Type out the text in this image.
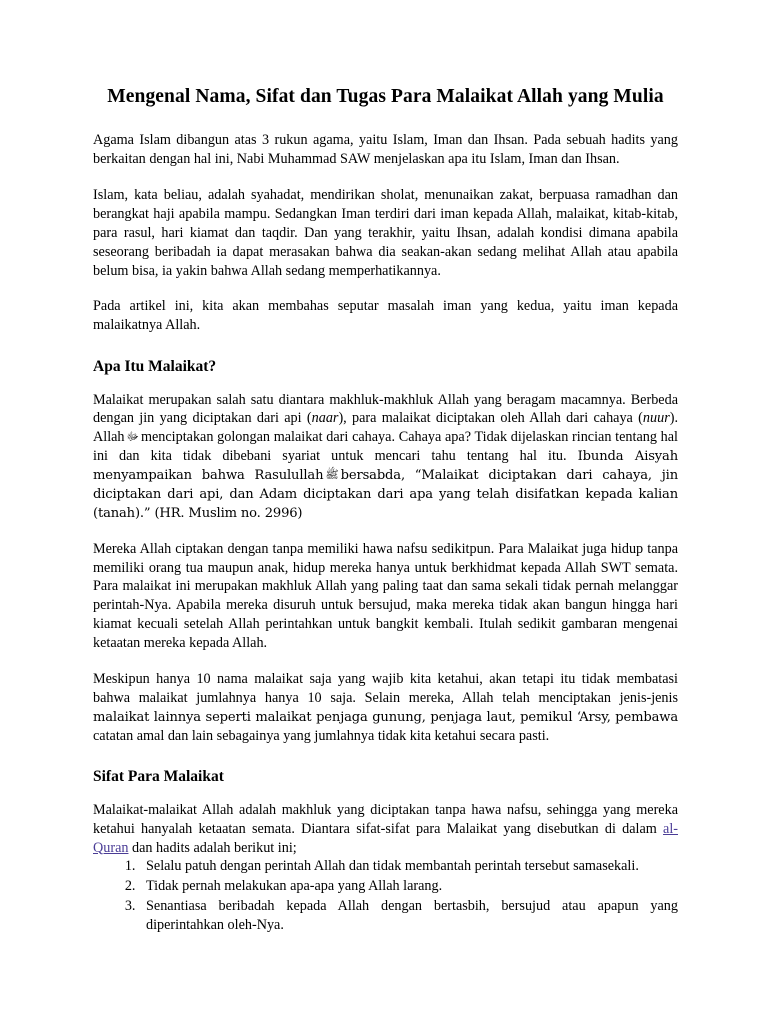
Mengenal Nama, Sifat dan Tugas Para Malaikat Allah yang Mulia

Agama Islam dibangun atas 3 rukun agama, yaitu Islam, Iman dan Ihsan. Pada sebuah hadits yang berkaitan dengan hal ini, Nabi Muhammad SAW menjelaskan apa itu Islam, Iman dan Ihsan.

Islam, kata beliau, adalah syahadat, mendirikan sholat, menunaikan zakat, berpuasa ramadhan dan berangkat haji apabila mampu. Sedangkan Iman terdiri dari iman kepada Allah, malaikat, kitab-kitab, para rasul, hari kiamat dan taqdir. Dan yang terakhir, yaitu Ihsan, adalah kondisi dimana apabila seseorang beribadah ia dapat merasakan bahwa dia seakan-akan sedang melihat Allah atau apabila belum bisa, ia yakin bahwa Allah sedang memperhatikannya.

Pada artikel ini, kita akan membahas seputar masalah iman yang kedua, yaitu iman kepada malaikatnya Allah.

Apa Itu Malaikat?

Malaikat merupakan salah satu diantara makhluk-makhluk Allah yang beragam macamnya. Berbeda dengan jin yang diciptakan dari api (naar), para malaikat diciptakan oleh Allah dari cahaya (nuur). Allah ﷻ menciptakan golongan malaikat dari cahaya. Cahaya apa? Tidak dijelaskan rincian tentang hal ini dan kita tidak dibebani syariat untuk mencari tahu tentang hal itu. Ibunda Aisyah menyampaikan bahwa Rasulullah ﷺ bersabda, “Malaikat diciptakan dari cahaya, jin diciptakan dari api, dan Adam diciptakan dari apa yang telah disifatkan kepada kalian (tanah).” (HR. Muslim no. 2996)

Mereka Allah ciptakan dengan tanpa memiliki hawa nafsu sedikitpun. Para Malaikat juga hidup tanpa memiliki orang tua maupun anak, hidup mereka hanya untuk berkhidmat kepada Allah SWT semata. Para malaikat ini merupakan makhluk Allah yang paling taat dan sama sekali tidak pernah melanggar perintah-Nya. Apabila mereka disuruh untuk bersujud, maka mereka tidak akan bangun hingga hari kiamat kecuali setelah Allah perintahkan untuk bangkit kembali. Itulah sedikit gambaran mengenai ketaatan mereka kepada Allah.

Meskipun hanya 10 nama malaikat saja yang wajib kita ketahui, akan tetapi itu tidak membatasi bahwa malaikat jumlahnya hanya 10 saja. Selain mereka, Allah telah menciptakan jenis-jenis malaikat lainnya seperti malaikat penjaga gunung, penjaga laut, pemikul ‘Arsy, pembawa catatan amal dan lain sebagainya yang jumlahnya tidak kita ketahui secara pasti.

Sifat Para Malaikat

Malaikat-malaikat Allah adalah makhluk yang diciptakan tanpa hawa nafsu, sehingga yang mereka ketahui hanyalah ketaatan semata. Diantara sifat-sifat para Malaikat yang disebutkan di dalam al-Quran dan hadits adalah berikut ini;

1. Selalu patuh dengan perintah Allah dan tidak membantah perintah tersebut samasekali.
2. Tidak pernah melakukan apa-apa yang Allah larang.
3. Senantiasa beribadah kepada Allah dengan bertasbih, bersujud atau apapun yang diperintahkan oleh-Nya.
